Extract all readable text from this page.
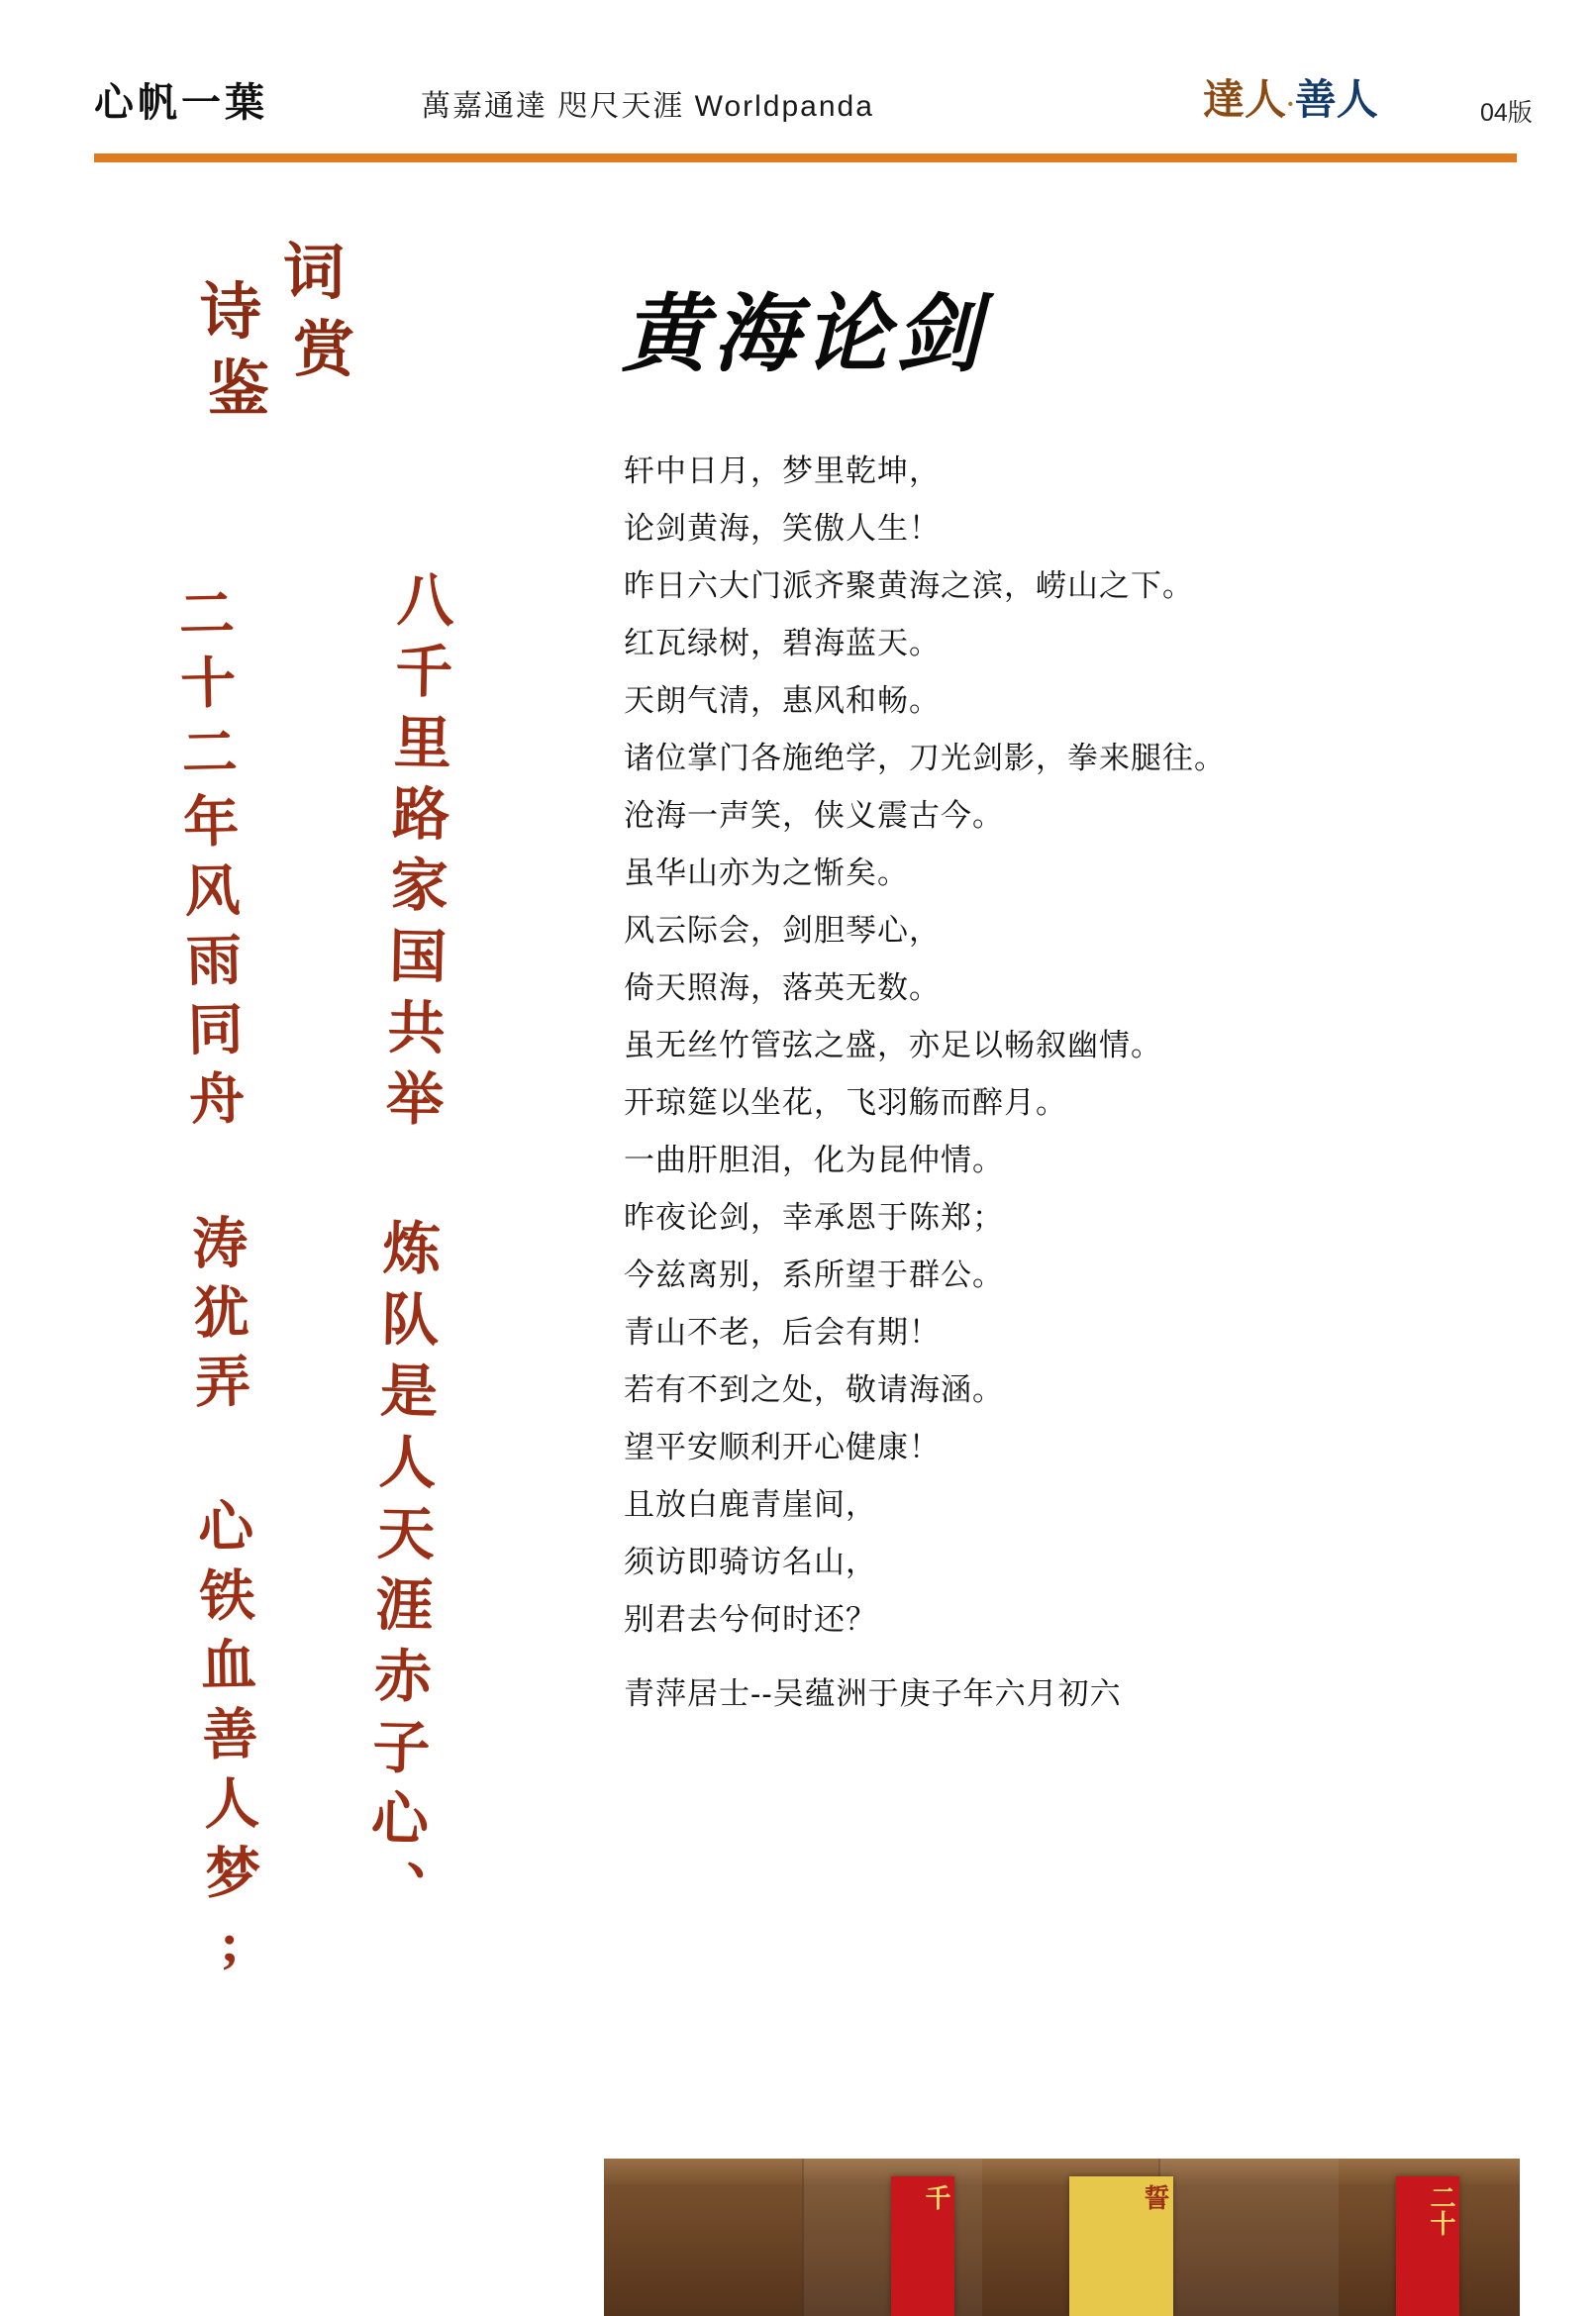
心帆一葉	萬嘉通達 咫尺天涯 Worldpanda	達人·善人	04版
诗
词
鉴
赏
二十二年风雨同舟 涛犹弄 心铁血善人梦; 八千里路家国共举 炼队是人天涯赤子心、
黄海论剑

轩中日月，梦里乾坤，

论剑黄海，笑傲人生！

昨日六大门派齐聚黄海之滨，崂山之下。

红瓦绿树，碧海蓝天。

天朗气清，惠风和畅。

诸位掌门各施绝学，刀光剑影，拳来腿往。

沧海一声笑，侠义震古今。

虽华山亦为之惭矣。

风云际会，剑胆琴心，

倚天照海，落英无数。

虽无丝竹管弦之盛，亦足以畅叙幽情。

开琼筵以坐花，飞羽觞而醉月。

一曲肝胆泪，化为昆仲情。

昨夜论剑，幸承恩于陈郑；

今兹离别，系所望于群公。

青山不老，后会有期！

若有不到之处，敬请海涵。

望平安顺利开心健康！

且放白鹿青崖间，

须访即骑访名山，

别君去兮何时还？

青萍居士--吴蕴洲于庚子年六月初六
千	誓	二十
